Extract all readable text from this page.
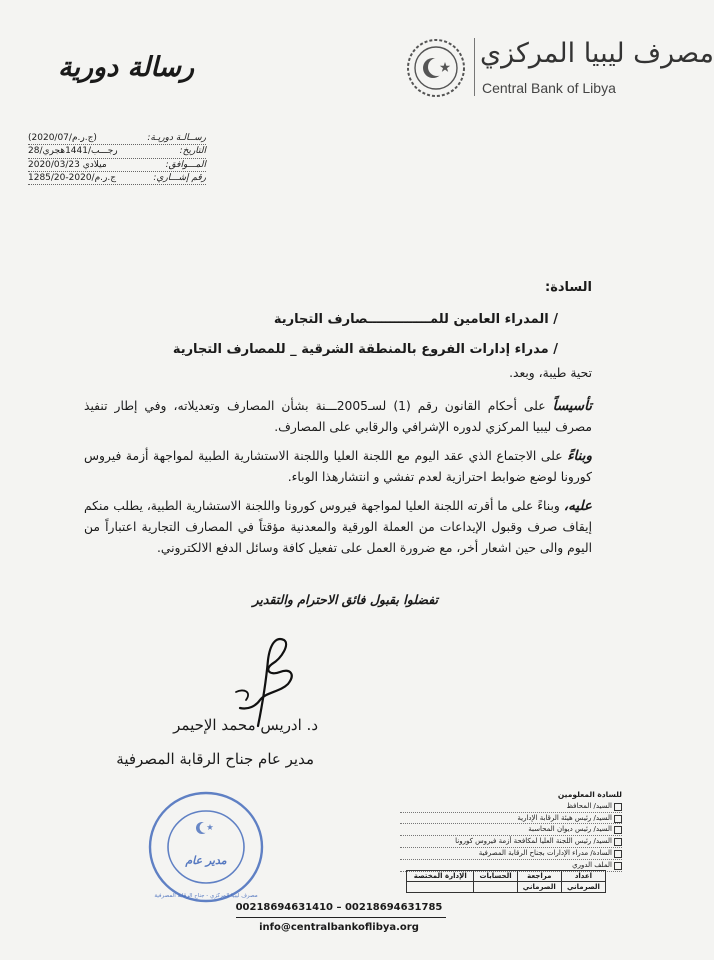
مصرف ليبيا المركزي
Central Bank of Libya
رسالة دورية
رســالـة دوريـة:
(ج.ر.م/2020/07)
التاريخ:
28/رجـــب/1441هجري
المـــوافق:
2020/03/23 ميلادي
رقم إشـــاري:
ج.ر.م/2020-1285/20
السادة:
/ المدراء العامين للمــــــــــــــصارف التجارية
/ مدراء إدارات الفروع بالمنطقة الشرقية _ للمصارف التجارية
تحية طيبة، وبعد.
تأسيساً على أحكام القانون رقم (1) لسـ2005ـــنة بشأن المصارف وتعديلاته، وفي إطار تنفيذ مصرف ليبيا المركزي لدوره الإشرافي والرقابي على المصارف.
وبناءً على الاجتماع الذي عقد اليوم مع اللجنة العليا واللجنة الاستشارية الطبية لمواجهة أزمة فيروس كورونا لوضع ضوابط احترازية لعدم تفشي و انتشارهذا الوباء.
عليه، وبناءً على ما أقرته اللجنة العليا لمواجهة فيروس كورونا واللجنة الاستشارية الطبية، يطلب منكم إيقاف صرف وقبول الإيداعات من العملة الورقية والمعدنية مؤقتاً في المصارف التجارية اعتباراً من اليوم والى حين اشعار أخر، مع ضرورة العمل على تفعيل كافة وسائل الدفع الالكتروني.
تفضلوا بقبول فائق الاحترام والتقدير
د. ادريس محمد الإحيمر
مدير عام جناح الرقابة المصرفية
مدير عام
مصرف ليبيا المركزي - جناح الرقابة المصرفية
للسادة المعلومين
السيد/ المحافظ
السيد/ رئيس هيئة الرقابة الإدارية
السيد/ رئيس ديوان المحاسبة
السيد/ رئيس اللجنة العليا لمكافحة أزمة فيروس كورونا
السادة/ مدراء الإدارات بجناح الرقابة المصرفية
الملف الدوري
اعداد	مراجعة	الحسابات	الإدارة المختصة
الصرماني	الصرماني		
00218694631410 – 00218694631785
info@centralbankoflibya.org
